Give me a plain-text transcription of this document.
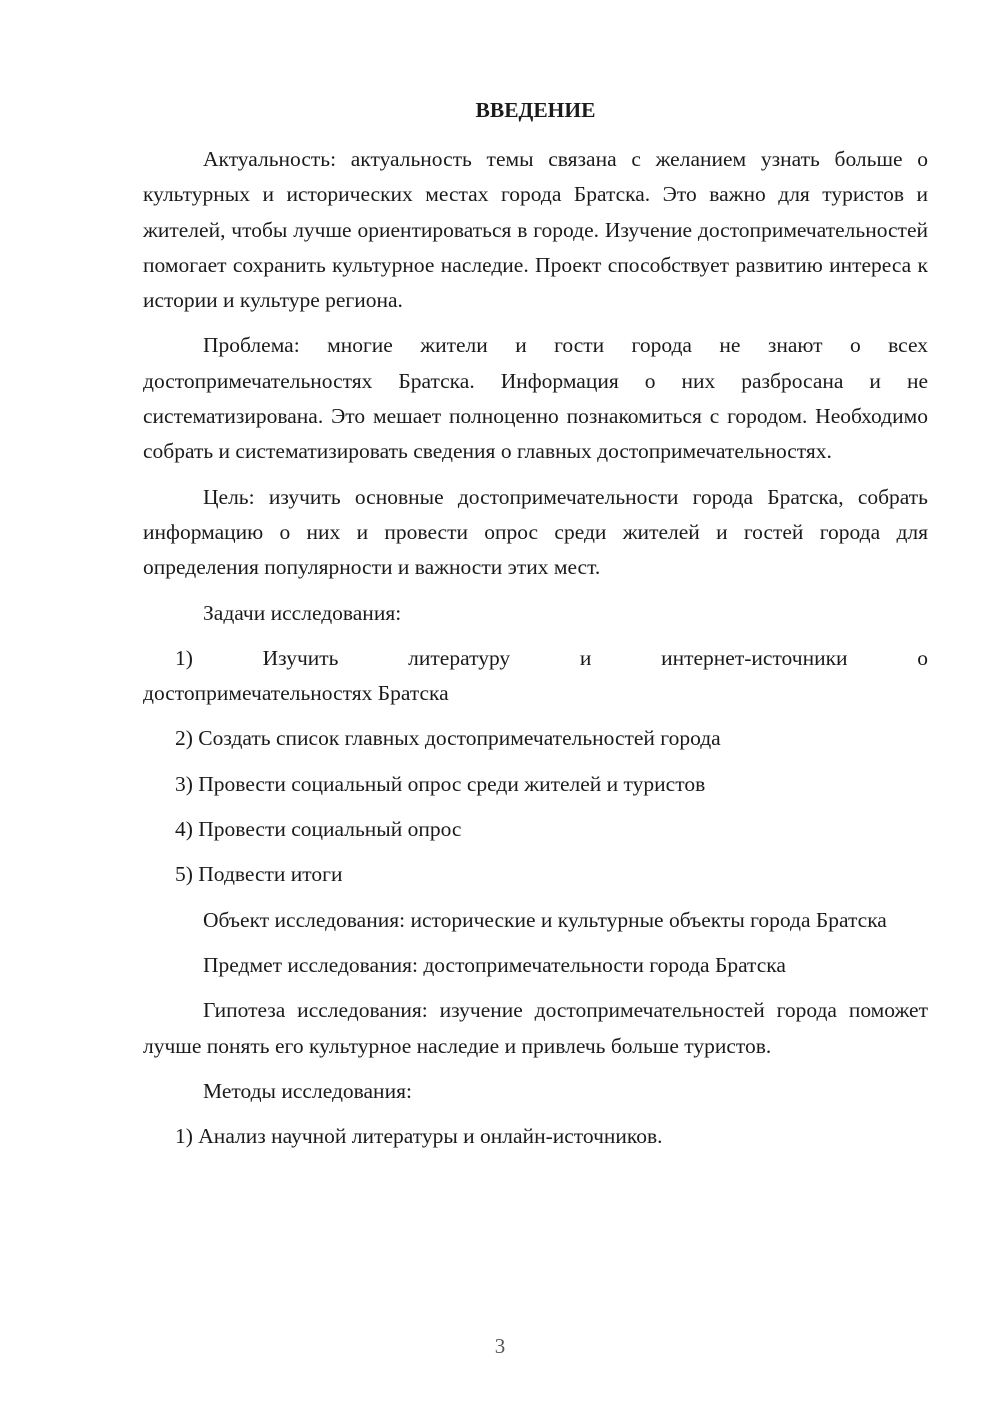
ВВЕДЕНИЕ

Актуальность: актуальность темы связана с желанием узнать больше о культурных и исторических местах города Братска. Это важно для туристов и жителей, чтобы лучше ориентироваться в городе. Изучение достопримечательностей помогает сохранить культурное наследие. Проект способствует развитию интереса к истории и культуре региона.

Проблема: многие жители и гости города не знают о всех достопримечательностях Братска. Информация о них разбросана и не систематизирована. Это мешает полноценно познакомиться с городом. Необходимо собрать и систематизировать сведения о главных достопримечательностях.

Цель: изучить основные достопримечательности города Братска, собрать информацию о них и провести опрос среди жителей и гостей города для определения популярности и важности этих мест.

Задачи исследования:

1)	Изучить	литературу	и	интернет-источники	о
достопримечательностях Братска

2) Создать список главных достопримечательностей города

3) Провести социальный опрос среди жителей и туристов

4) Провести социальный опрос

5) Подвести итоги

Объект исследования: исторические и культурные объекты города Братска

Предмет исследования: достопримечательности города Братска

Гипотеза исследования: изучение достопримечательностей города поможет лучше понять его культурное наследие и привлечь больше туристов.

Методы исследования:

1) Анализ научной литературы и онлайн-источников.

3
